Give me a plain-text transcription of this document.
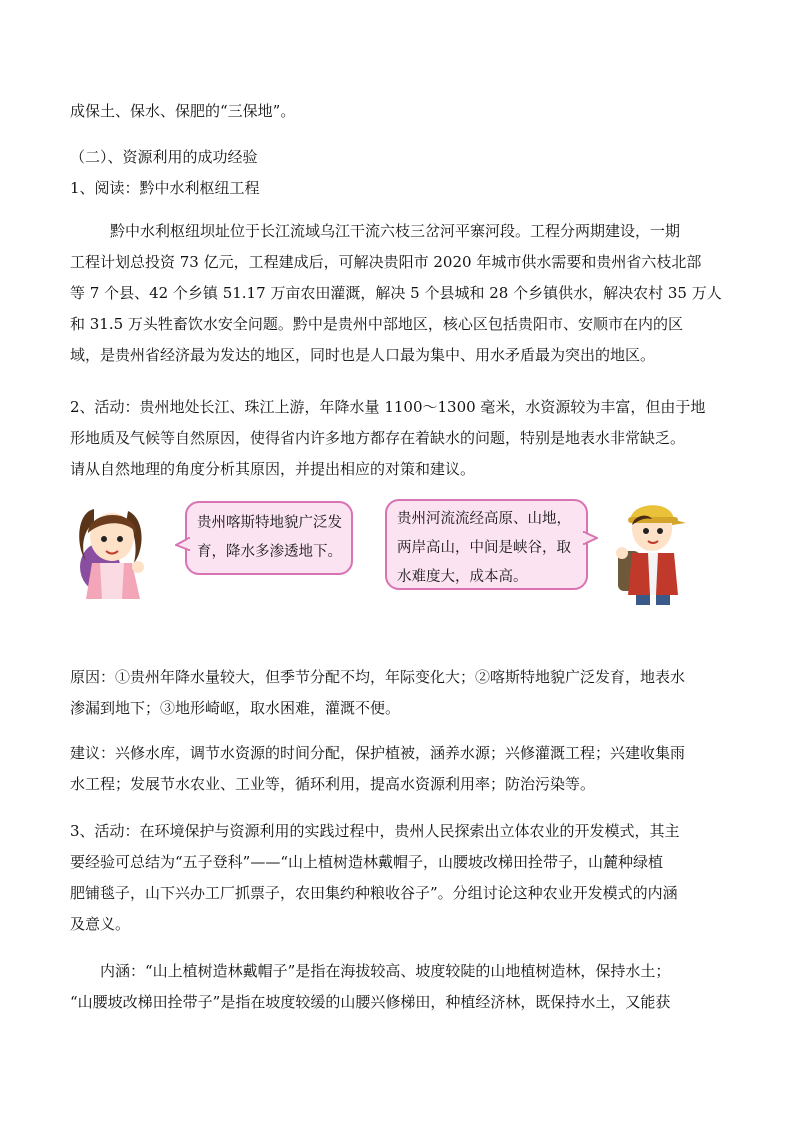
成保土、保水、保肥的“三保地”。
（二）、资源利用的成功经验
1、阅读：黔中水利枢纽工程
黔中水利枢纽坝址位于长江流域乌江干流六枝三岔河平寨河段。工程分两期建设，一期
工程计划总投资 73 亿元，工程建成后，可解决贵阳市 2020 年城市供水需要和贵州省六枝北部
等 7 个县、42 个乡镇 51.17 万亩农田灌溉，解决 5 个县城和 28 个乡镇供水，解决农村 35 万人
和 31.5 万头牲畜饮水安全问题。黔中是贵州中部地区，核心区包括贵阳市、安顺市在内的区
域，是贵州省经济最为发达的地区，同时也是人口最为集中、用水矛盾最为突出的地区。
2、活动：贵州地处长江、珠江上游，年降水量 1100～1300 毫米，水资源较为丰富，但由于地
形地质及气候等自然原因，使得省内许多地方都存在着缺水的问题，特别是地表水非常缺乏。
请从自然地理的角度分析其原因，并提出相应的对策和建议。
贵州喀斯特地貌广泛发
育，降水多渗透地下。
贵州河流流经高原、山地，
两岸高山，中间是峡谷，取
水难度大，成本高。
原因：①贵州年降水量较大，但季节分配不均，年际变化大；②喀斯特地貌广泛发育，地表水
渗漏到地下；③地形崎岖，取水困难，灌溉不便。
建议：兴修水库，调节水资源的时间分配，保护植被，涵养水源；兴修灌溉工程；兴建收集雨
水工程；发展节水农业、工业等，循环利用，提高水资源利用率；防治污染等。
3、活动：在环境保护与资源利用的实践过程中，贵州人民探索出立体农业的开发模式，其主
要经验可总结为“五子登科”——“山上植树造林戴帽子，山腰坡改梯田拴带子，山麓种绿植
肥铺毯子，山下兴办工厂抓票子，农田集约种粮收谷子”。分组讨论这种农业开发模式的内涵
及意义。
内涵：“山上植树造林戴帽子”是指在海拔较高、坡度较陡的山地植树造林，保持水土；
“山腰坡改梯田拴带子”是指在坡度较缓的山腰兴修梯田，种植经济林，既保持水土，又能获
